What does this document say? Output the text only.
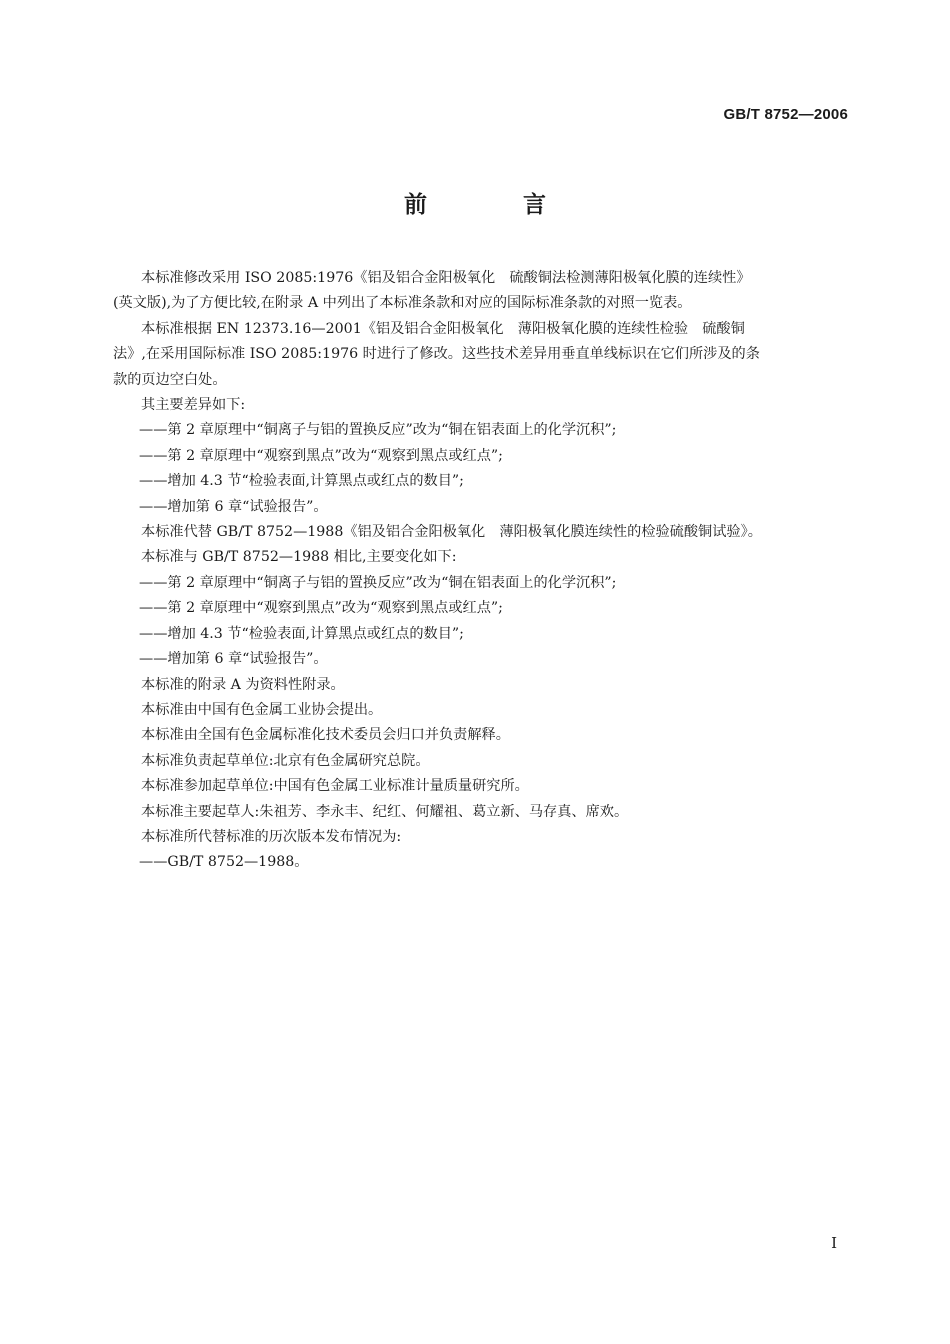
GB/T 8752—2006
前 言

本标准修改采用 ISO 2085:1976《铝及铝合金阳极氧化　硫酸铜法检测薄阳极氧化膜的连续性》

(英文版),为了方便比较,在附录 A 中列出了本标准条款和对应的国际标准条款的对照一览表。

本标准根据 EN 12373.16—2001《铝及铝合金阳极氧化　薄阳极氧化膜的连续性检验　硫酸铜

法》,在采用国际标准 ISO 2085:1976 时进行了修改。这些技术差异用垂直单线标识在它们所涉及的条

款的页边空白处。

其主要差异如下:

——第 2 章原理中“铜离子与铝的置换反应”改为“铜在铝表面上的化学沉积”;

——第 2 章原理中“观察到黑点”改为“观察到黑点或红点”;

——增加 4.3 节“检验表面,计算黑点或红点的数目”;

——增加第 6 章“试验报告”。

本标准代替 GB/T 8752—1988《铝及铝合金阳极氧化　薄阳极氧化膜连续性的检验硫酸铜试验》。

本标准与 GB/T 8752—1988 相比,主要变化如下:

——第 2 章原理中“铜离子与铝的置换反应”改为“铜在铝表面上的化学沉积”;

——第 2 章原理中“观察到黑点”改为“观察到黑点或红点”;

——增加 4.3 节“检验表面,计算黑点或红点的数目”;

——增加第 6 章“试验报告”。

本标准的附录 A 为资料性附录。

本标准由中国有色金属工业协会提出。

本标准由全国有色金属标准化技术委员会归口并负责解释。

本标准负责起草单位:北京有色金属研究总院。

本标准参加起草单位:中国有色金属工业标准计量质量研究所。

本标准主要起草人:朱祖芳、李永丰、纪红、何耀祖、葛立新、马存真、席欢。

本标准所代替标准的历次版本发布情况为:

——GB/T 8752—1988。

I
